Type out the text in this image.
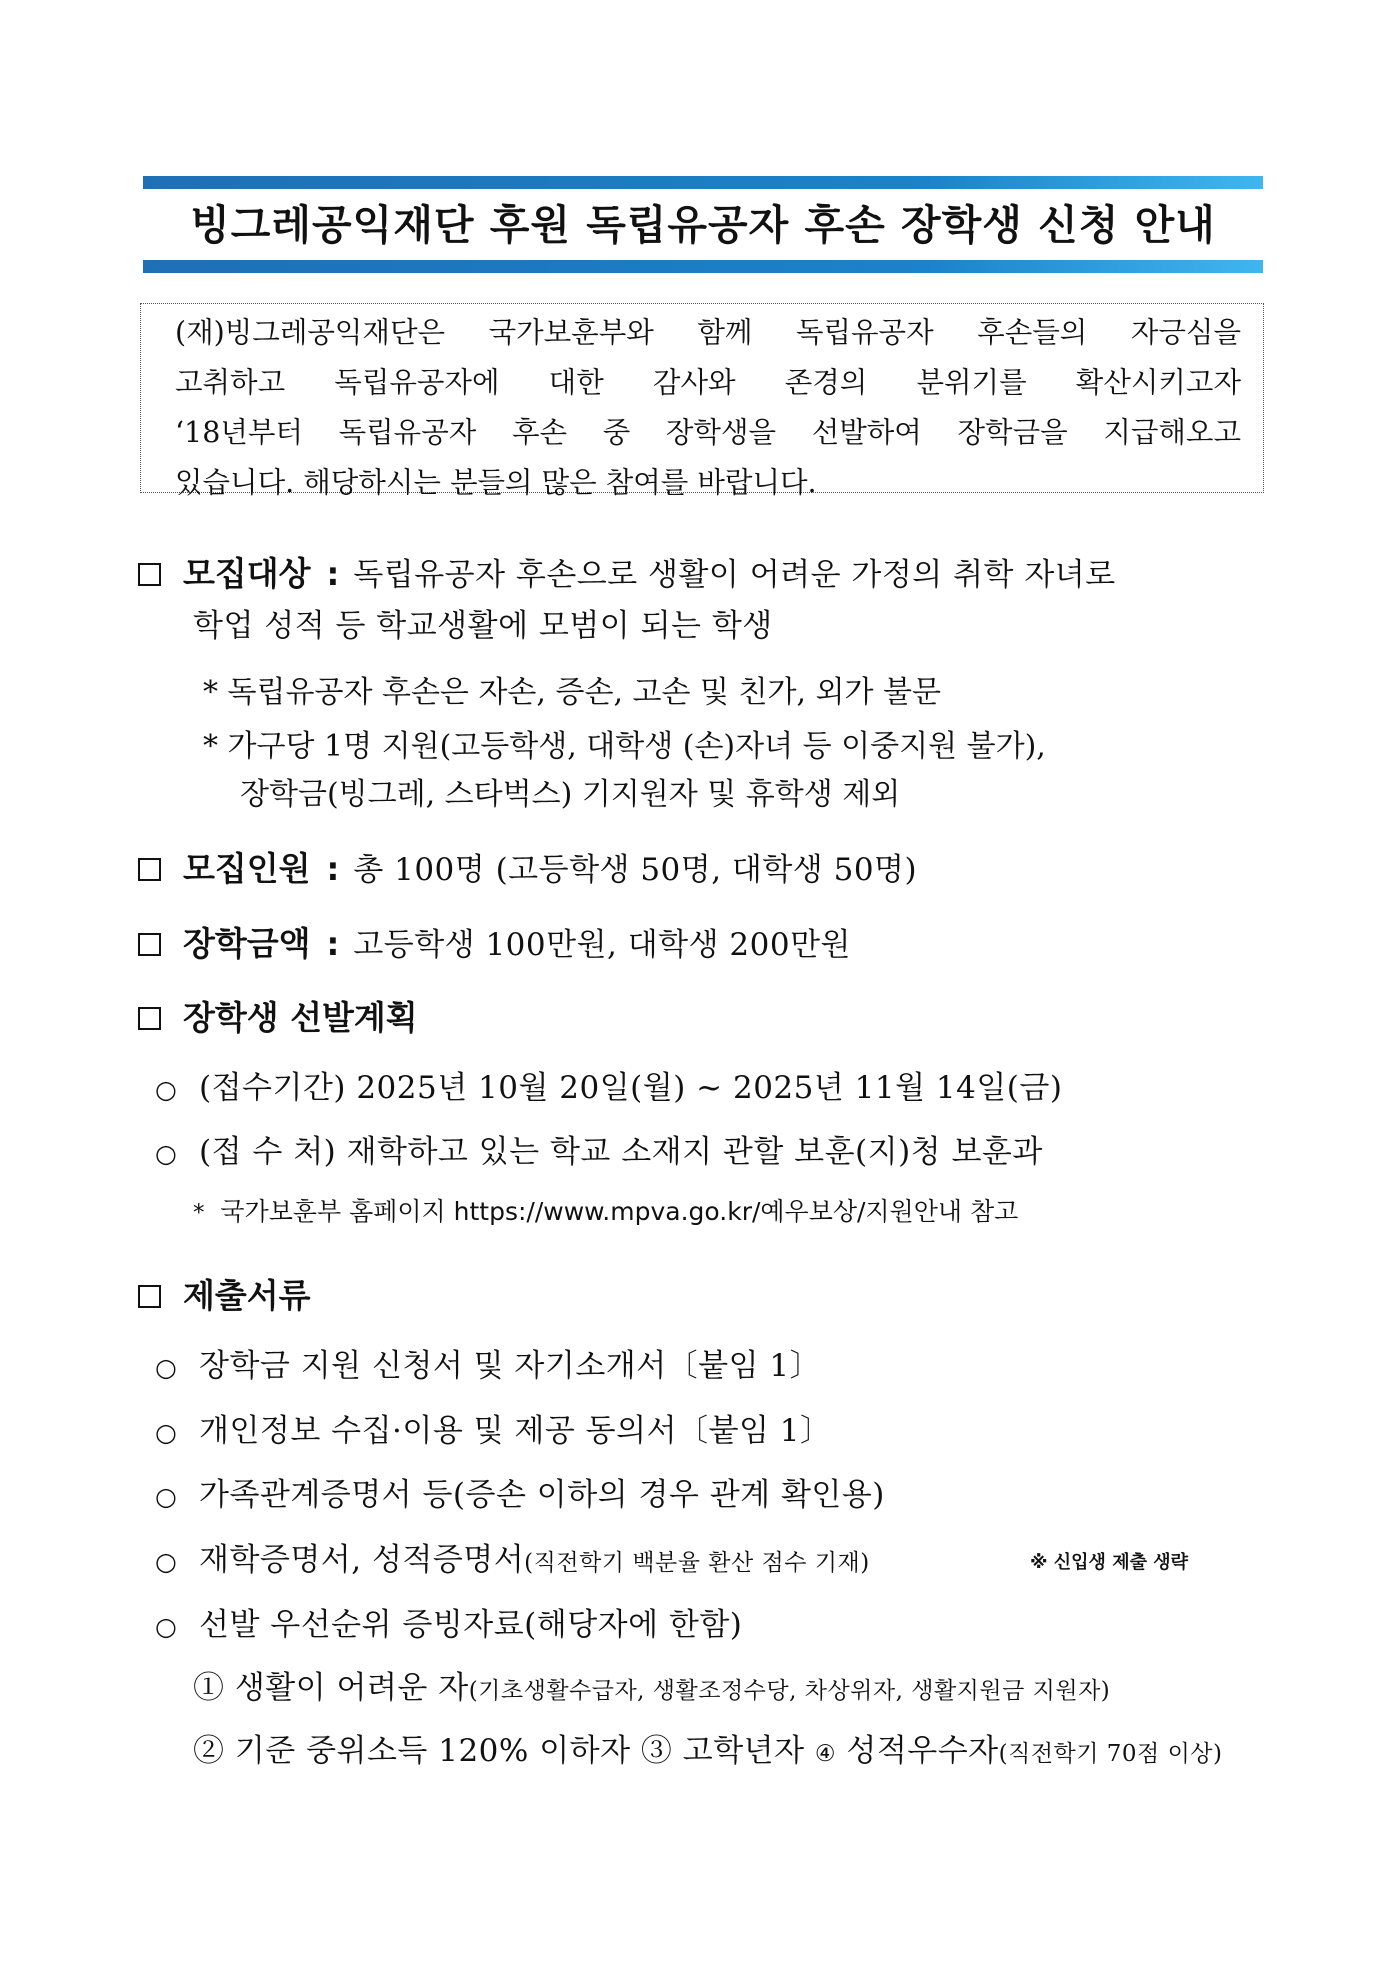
빙그레공익재단 후원 독립유공자 후손 장학생 신청 안내
(재)빙그레공익재단은 국가보훈부와 함께 독립유공자 후손들의 자긍심을
고취하고 독립유공자에 대한 감사와 존경의 분위기를 확산시키고자
‘18년부터 독립유공자 후손 중 장학생을 선발하여 장학금을 지급해오고
있습니다. 해당하시는 분들의 많은 참여를 바랍니다.
모집대상 : 독립유공자 후손으로 생활이 어려운 가정의 취학 자녀로
학업 성적 등 학교생활에 모범이 되는 학생
* 독립유공자 후손은 자손, 증손, 고손 및 친가, 외가 불문
* 가구당 1명 지원(고등학생, 대학생 (손)자녀 등 이중지원 불가),
장학금(빙그레, 스타벅스) 기지원자 및 휴학생 제외
모집인원 : 총 100명 (고등학생 50명, 대학생 50명)
장학금액 : 고등학생 100만원, 대학생 200만원
장학생 선발계획
○ (접수기간) 2025년 10월 20일(월) ~ 2025년 11월 14일(금)
○ (접 수 처) 재학하고 있는 학교 소재지 관할 보훈(지)청 보훈과
* 국가보훈부 홈페이지 https://www.mpva.go.kr/예우보상/지원안내 참고
제출서류
○ 장학금 지원 신청서 및 자기소개서〔붙임 1〕
○ 개인정보 수집·이용 및 제공 동의서〔붙임 1〕
○ 가족관계증명서 등(증손 이하의 경우 관계 확인용)
○ 재학증명서, 성적증명서(직전학기 백분율 환산 점수 기재)	※ 신입생 제출 생략
○ 선발 우선순위 증빙자료(해당자에 한함)
① 생활이 어려운 자(기초생활수급자, 생활조정수당, 차상위자, 생활지원금 지원자)
② 기준 중위소득 120% 이하자 ③ 고학년자 ④ 성적우수자(직전학기 70점 이상)
